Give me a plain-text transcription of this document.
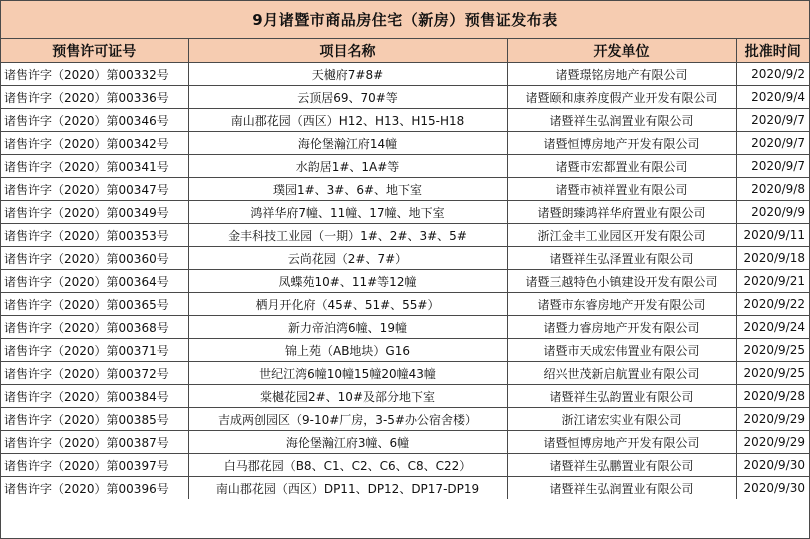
9月诸暨市商品房住宅（新房）预售证发布表
预售许可证号	项目名称	开发单位	批准时间
诸售许字（2020）第00332号	天樾府7#8#	诸暨璟铭房地产有限公司	2020/9/2
诸售许字（2020）第00336号	云顶居69、70#等	诸暨颐和康养度假产业开发有限公司	2020/9/4
诸售许字（2020）第00346号	南山郡花园（西区）H12、H13、H15-H18	诸暨祥生弘润置业有限公司	2020/9/7
诸售许字（2020）第00342号	海伦堡瀚江府14幢	诸暨恒博房地产开发有限公司	2020/9/7
诸售许字（2020）第00341号	水韵居1#、1A#等	诸暨市宏都置业有限公司	2020/9/7
诸售许字（2020）第00347号	璞园1#、3#、6#、地下室	诸暨市祯祥置业有限公司	2020/9/8
诸售许字（2020）第00349号	鸿祥华府7幢、11幢、17幢、地下室	诸暨朗臻鸿祥华府置业有限公司	2020/9/9
诸售许字（2020）第00353号	金丰科技工业园（一期）1#、2#、3#、5#	浙江金丰工业园区开发有限公司	2020/9/11
诸售许字（2020）第00360号	云尚花园（2#、7#）	诸暨祥生弘泽置业有限公司	2020/9/18
诸售许字（2020）第00364号	凤蝶苑10#、11#等12幢	诸暨三越特色小镇建设开发有限公司	2020/9/21
诸售许字（2020）第00365号	栖月开化府（45#、51#、55#）	诸暨市东睿房地产开发有限公司	2020/9/22
诸售许字（2020）第00368号	新力帝泊湾6幢、19幢	诸暨力睿房地产开发有限公司	2020/9/24
诸售许字（2020）第00371号	锦上苑（AB地块）G16	诸暨市天成宏伟置业有限公司	2020/9/25
诸售许字（2020）第00372号	世纪江湾6幢10幢15幢20幢43幢	绍兴世茂新启航置业有限公司	2020/9/25
诸售许字（2020）第00384号	棠樾花园2#、10#及部分地下室	诸暨祥生弘韵置业有限公司	2020/9/28
诸售许字（2020）第00385号	吉成两创园区（9-10#厂房，3-5#办公宿舍楼）	浙江诸宏实业有限公司	2020/9/29
诸售许字（2020）第00387号	海伦堡瀚江府3幢、6幢	诸暨恒博房地产开发有限公司	2020/9/29
诸售许字（2020）第00397号	白马郡花园（B8、C1、C2、C6、C8、C22）	诸暨祥生弘鹏置业有限公司	2020/9/30
诸售许字（2020）第00396号	南山郡花园（西区）DP11、DP12、DP17-DP19	诸暨祥生弘润置业有限公司	2020/9/30
